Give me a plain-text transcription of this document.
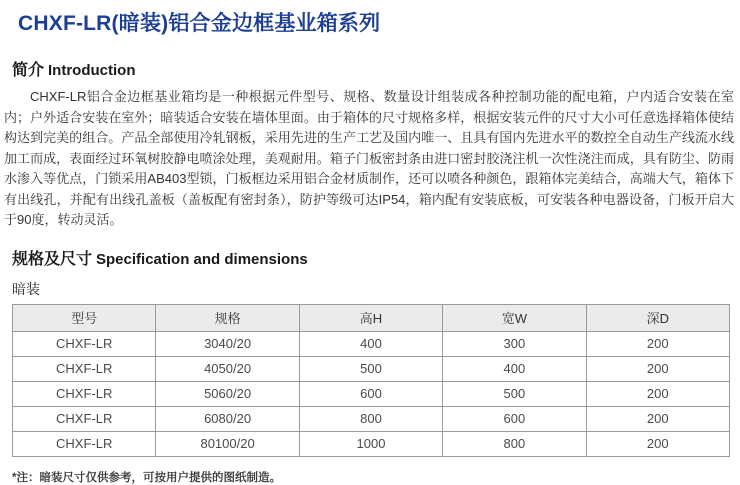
CHXF-LR(暗装)铝合金边框基业箱系列
简介 Introduction

CHXF-LR铝合金边框基业箱均是一种根据元件型号、规格、数量设计组装成各种控制功能的配电箱，户内适合安装在室内；户外适合安装在室外；暗装适合安装在墙体里面。由于箱体的尺寸规格多样，根据安装元件的尺寸大小可任意选择箱体使结构达到完美的组合。产品全部使用冷轧钢板，采用先进的生产工艺及国内唯一、且具有国内先进水平的数控全自动生产线流水线加工而成，表面经过环氧树胶静电喷涂处理，美观耐用。箱子门板密封条由进口密封胶浇注机一次性浇注而成，具有防尘、防雨水渗入等优点，门锁采用AB403型锁，门板框边采用铝合金材质制作，还可以喷各种颜色，跟箱体完美结合，高端大气，箱体下有出线孔，并配有出线孔盖板（盖板配有密封条），防护等级可达IP54，箱内配有安装底板，可安装各种电器设备，门板开启大于90度，转动灵活。

规格及尺寸 Specification and dimensions
暗装
型号	规格	高H	宽W	深D
CHXF-LR	3040/20	400	300	200
CHXF-LR	4050/20	500	400	200
CHXF-LR	5060/20	600	500	200
CHXF-LR	6080/20	800	600	200
CHXF-LR	80100/20	1000	800	200
*注：暗装尺寸仅供参考，可按用户提供的图纸制造。
